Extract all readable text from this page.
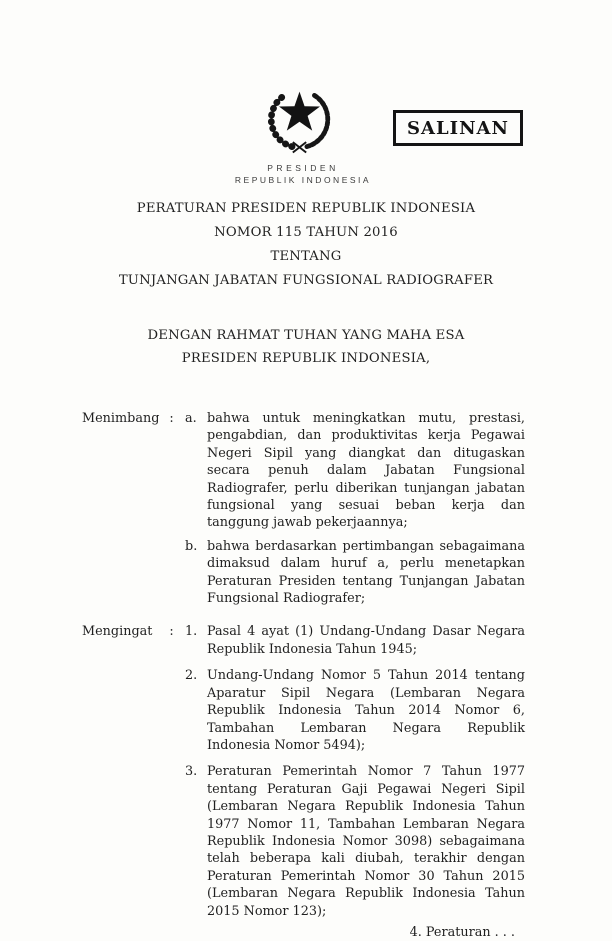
SALINAN
PRESIDEN
REPUBLIK INDONESIA
PERATURAN PRESIDEN REPUBLIK INDONESIA
NOMOR 115 TAHUN 2016
TENTANG
TUNJANGAN JABATAN FUNGSIONAL RADIOGRAFER
DENGAN RAHMAT TUHAN YANG MAHA ESA
PRESIDEN REPUBLIK INDONESIA,
Menimbang : a. bahwa untuk meningkatkan mutu, prestasi, pengabdian, dan produktivitas kerja Pegawai Negeri Sipil yang diangkat dan ditugaskan secara penuh dalam Jabatan Fungsional Radiografer, perlu diberikan tunjangan jabatan fungsional yang sesuai beban kerja dan tanggung jawab pekerjaannya;
b. bahwa berdasarkan pertimbangan sebagaimana dimaksud dalam huruf a, perlu menetapkan Peraturan Presiden tentang Tunjangan Jabatan Fungsional Radiografer;
Mengingat	: 1. Pasal 4 ayat (1) Undang-Undang Dasar Negara Republik Indonesia Tahun 1945;
2. Undang-Undang Nomor 5 Tahun 2014 tentang Aparatur Sipil Negara (Lembaran Negara Republik Indonesia Tahun 2014 Nomor 6, Tambahan Lembaran Negara Republik Indonesia Nomor 5494);
3. Peraturan Pemerintah Nomor 7 Tahun 1977 tentang Peraturan Gaji Pegawai Negeri Sipil (Lembaran Negara Republik Indonesia Tahun 1977 Nomor 11, Tambahan Lembaran Negara Republik Indonesia Nomor 3098) sebagaimana telah beberapa kali diubah, terakhir dengan Peraturan Pemerintah Nomor 30 Tahun 2015 (Lembaran Negara Republik Indonesia Tahun 2015 Nomor 123);
4. Peraturan . . .
